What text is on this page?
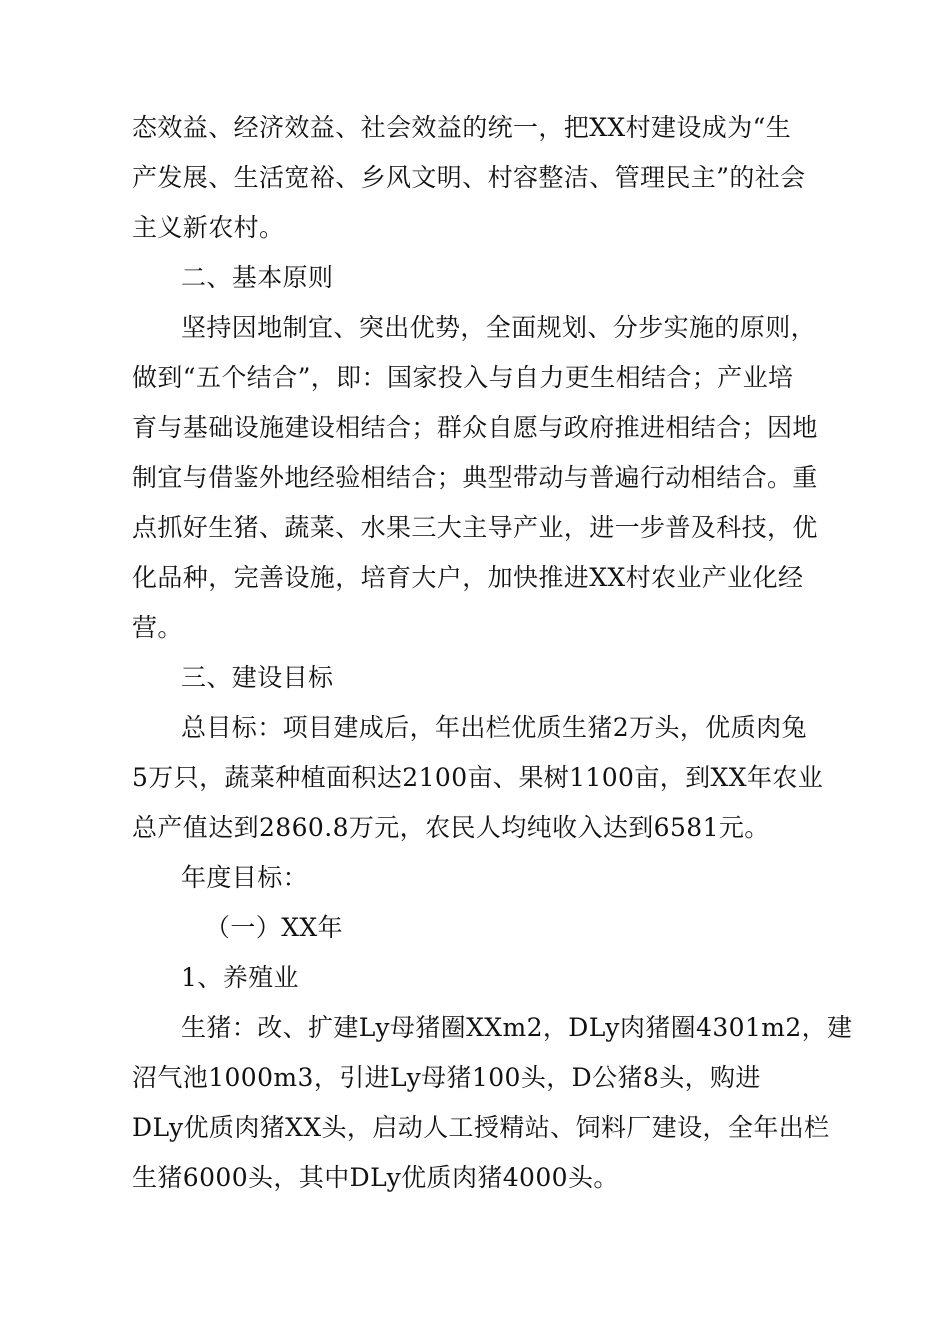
态效益、经济效益、社会效益的统一，把XX村建设成为“生
产发展、生活宽裕、乡风文明、村容整洁、管理民主”的社会
主义新农村。
二、基本原则
坚持因地制宜、突出优势，全面规划、分步实施的原则，
做到“五个结合”，即：国家投入与自力更生相结合；产业培
育与基础设施建设相结合；群众自愿与政府推进相结合；因地
制宜与借鉴外地经验相结合；典型带动与普遍行动相结合。重
点抓好生猪、蔬菜、水果三大主导产业，进一步普及科技，优
化品种，完善设施，培育大户，加快推进XX村农业产业化经
营。
三、建设目标
总目标：项目建成后，年出栏优质生猪2万头，优质肉兔
5万只，蔬菜种植面积达2100亩、果树1100亩，到XX年农业
总产值达到2860.8万元，农民人均纯收入达到6581元。
年度目标：
（一）XX年
1、养殖业
生猪：改、扩建Ly母猪圈XXm2，DLy肉猪圈4301m2，建
沼气池1000m3，引进Ly母猪100头，D公猪8头，购进
DLy优质肉猪XX头，启动人工授精站、饲料厂建设，全年出栏
生猪6000头，其中DLy优质肉猪4000头。
